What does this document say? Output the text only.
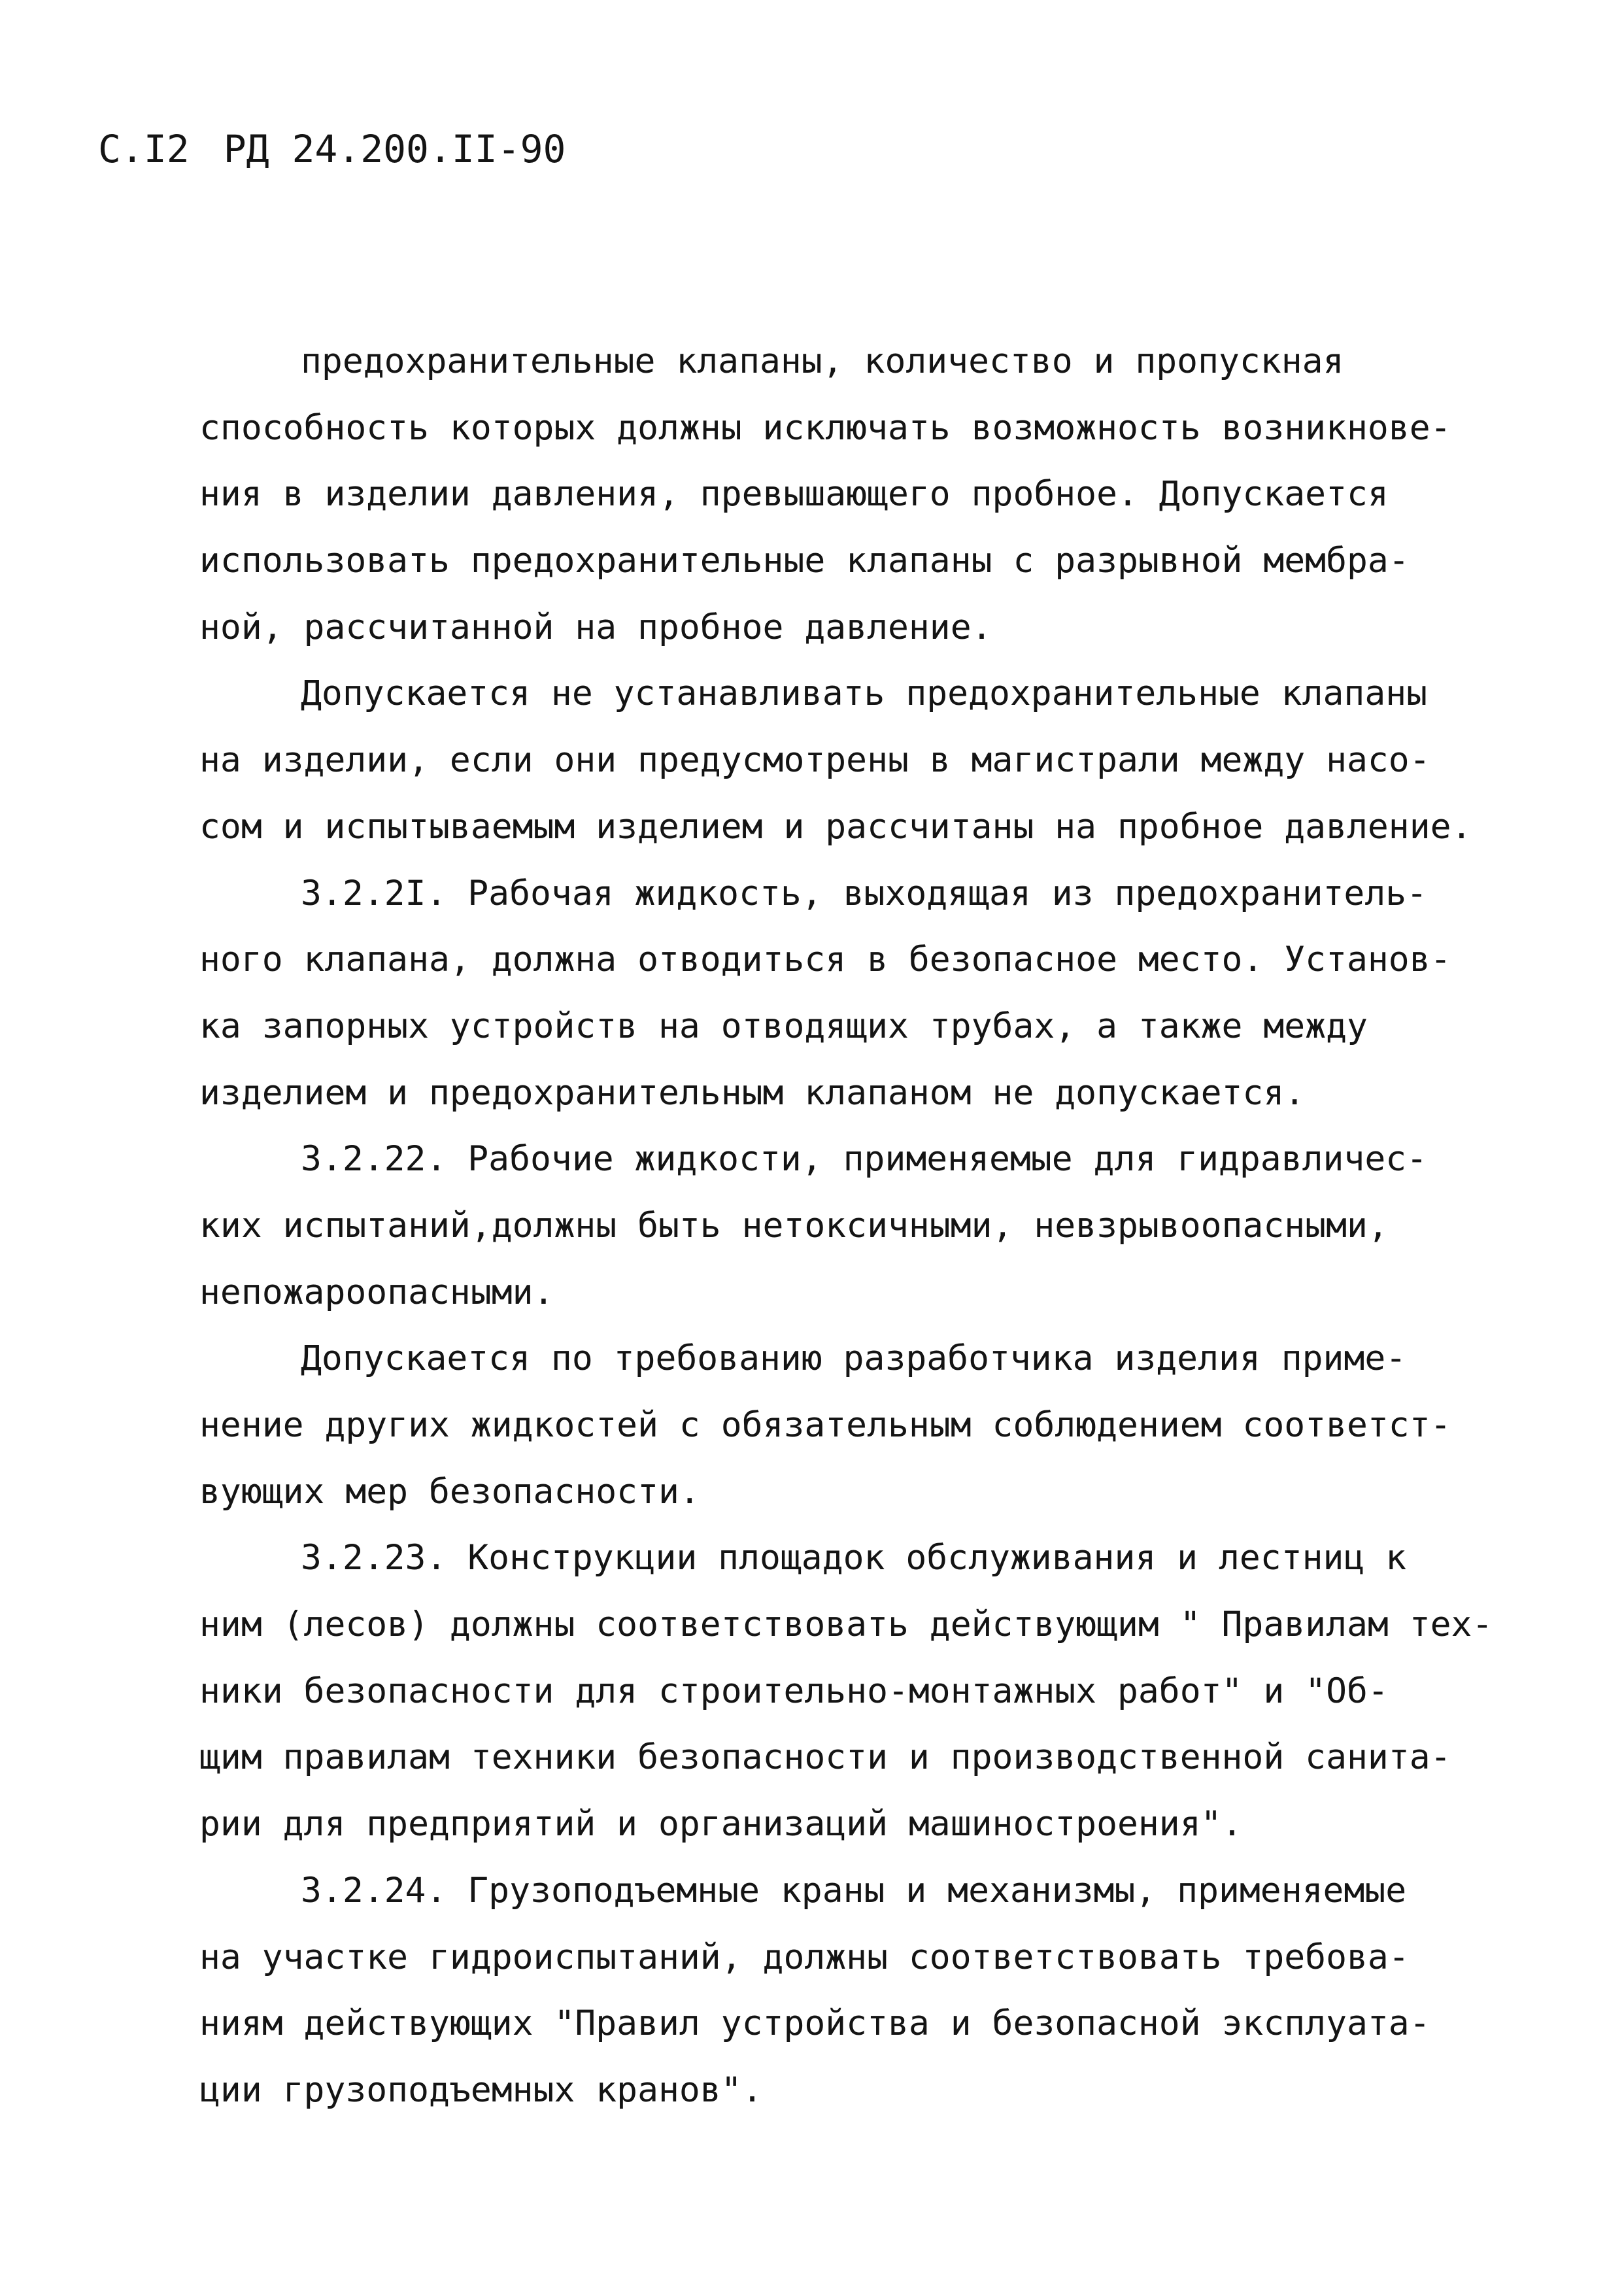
С.I2 РД 24.200.II-90
предохранительные клапаны, количество и пропускная
способность которых должны исключать возможность возникнове-
ния в изделии давления, превышающего пробное. Допускается
использовать предохранительные клапаны с разрывной мембра-
ной, рассчитанной на пробное давление.
Допускается не устанавливать предохранительные клапаны
на изделии, если они предусмотрены в магистрали между насо-
сом и испытываемым изделием и рассчитаны на пробное давление.
3.2.2I. Рабочая жидкость, выходящая из предохранитель-
ного клапана, должна отводиться в безопасное место. Установ-
ка запорных устройств на отводящих трубах, а также между
изделием и предохранительным клапаном не допускается.
3.2.22. Рабочие жидкости, применяемые для гидравличес-
ких испытаний,должны быть нетоксичными, невзрывоопасными,
непожароопасными.
Допускается по требованию разработчика изделия приме-
нение других жидкостей с обязательным соблюдением соответст-
вующих мер безопасности.
3.2.23. Конструкции площадок обслуживания и лестниц к
ним (лесов) должны соответствовать действующим " Правилам тех-
ники безопасности для строительно-монтажных работ" и "Об-
щим правилам техники безопасности и производственной санита-
рии для предприятий и организаций машиностроения".
3.2.24. Грузоподъемные краны и механизмы, применяемые
на участке гидроиспытаний, должны соответствовать требова-
ниям действующих "Правил устройства и безопасной эксплуата-
ции грузоподъемных кранов".
